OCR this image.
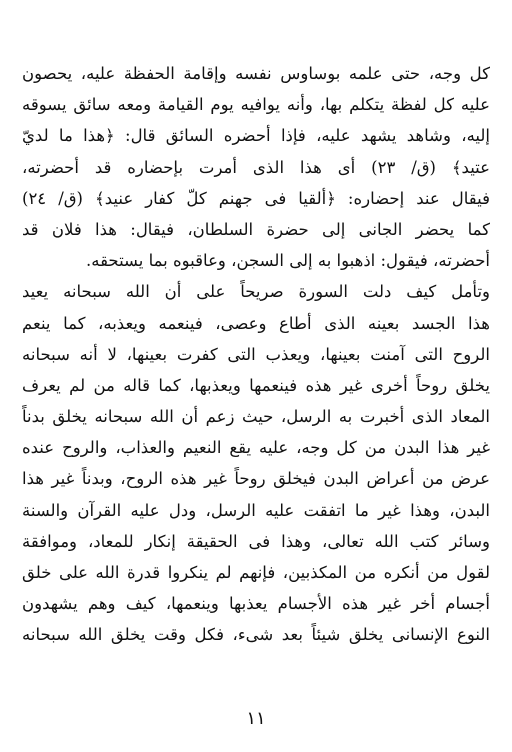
كل وجه، حتى علمه بوساوس نفسه وإقامة الحفظة عليه، يحصون
عليه كل لفظة يتكلم بها، وأنه يوافيه يوم القيامة ومعه سائق يسوقه
إليه، وشاهد يشهد عليه، فإذا أحضره السائق قال: ﴿هذا ما لديّ
عتيد﴾ (ق/ ٢٣) أى هذا الذى أمرت بإحضاره قد أحضرته،
فيقال عند إحضاره: ﴿ألقيا فى جهنم كلّ كفار عنيد﴾ (ق/ ٢٤)
كما يحضر الجانى إلى حضرة السلطان، فيقال: هذا فلان قد
أحضرته، فيقول: اذهبوا به إلى السجن، وعاقبوه بما يستحقه.
وتأمل كيف دلت السورة صريحاً على أن الله سبحانه يعيد
هذا الجسد بعينه الذى أطاع وعصى، فينعمه ويعذبه، كما ينعم
الروح التى آمنت بعينها، ويعذب التى كفرت بعينها، لا أنه سبحانه
يخلق روحاً أخرى غير هذه فينعمها ويعذبها، كما قاله من لم يعرف
المعاد الذى أخبرت به الرسل، حيث زعم أن الله سبحانه يخلق بدناً
غير هذا البدن من كل وجه، عليه يقع النعيم والعذاب، والروح عنده
عرض من أعراض البدن فيخلق روحاً غير هذه الروح، وبدناً غير هذا
البدن، وهذا غير ما اتفقت عليه الرسل، ودل عليه القرآن والسنة
وسائر كتب الله تعالى، وهذا فى الحقيقة إنكار للمعاد، وموافقة
لقول من أنكره من المكذبين، فإنهم لم ينكروا قدرة الله على خلق
أجسام أخر غير هذه الأجسام يعذبها وينعمها، كيف وهم يشهدون
النوع الإنسانى يخلق شيئاً بعد شىء، فكل وقت يخلق الله سبحانه
١١
